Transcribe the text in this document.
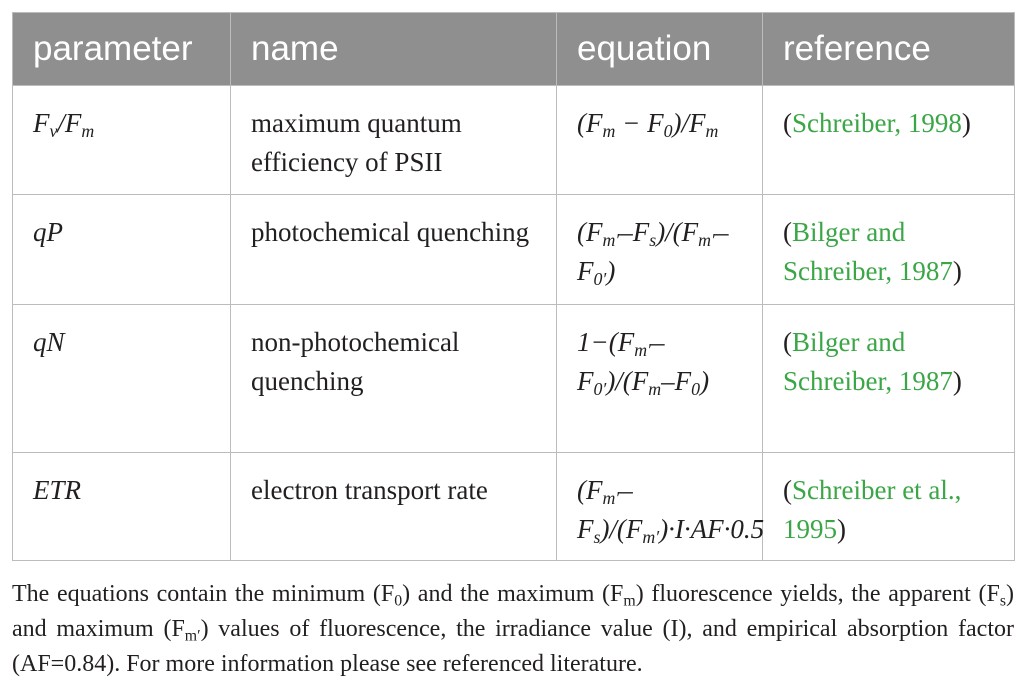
parameter	name	equation	reference

$F_v/F_m$	maximum quantum efficiency of PSII	$(F_m - F_0)/F_m$	(Schreiber, 1998)

qP	photochemical quenching	$(F_{m'}-F_s)/(F_{m'}-F_{0'})$	(Bilger and Schreiber, 1987)

qN	non-photochemical quenching	$1-(F_{m'}-F_{0'})/(F_m-F_0)$	(Bilger and Schreiber, 1987)

ETR	electron transport rate	$(F_{m'}-F_s)/(F_{m'})\cdot I\cdot AF\cdot 0.5$	(Schreiber et al., 1995)
The equations contain the minimum $(F_0)$ and the maximum $(F_m)$ fluorescence yields, the apparent $(F_s)$ and maximum $(F_{m'})$ values of fluorescence, the irradiance value (I), and empirical absorption factor (AF=0.84). For more information please see referenced literature.
